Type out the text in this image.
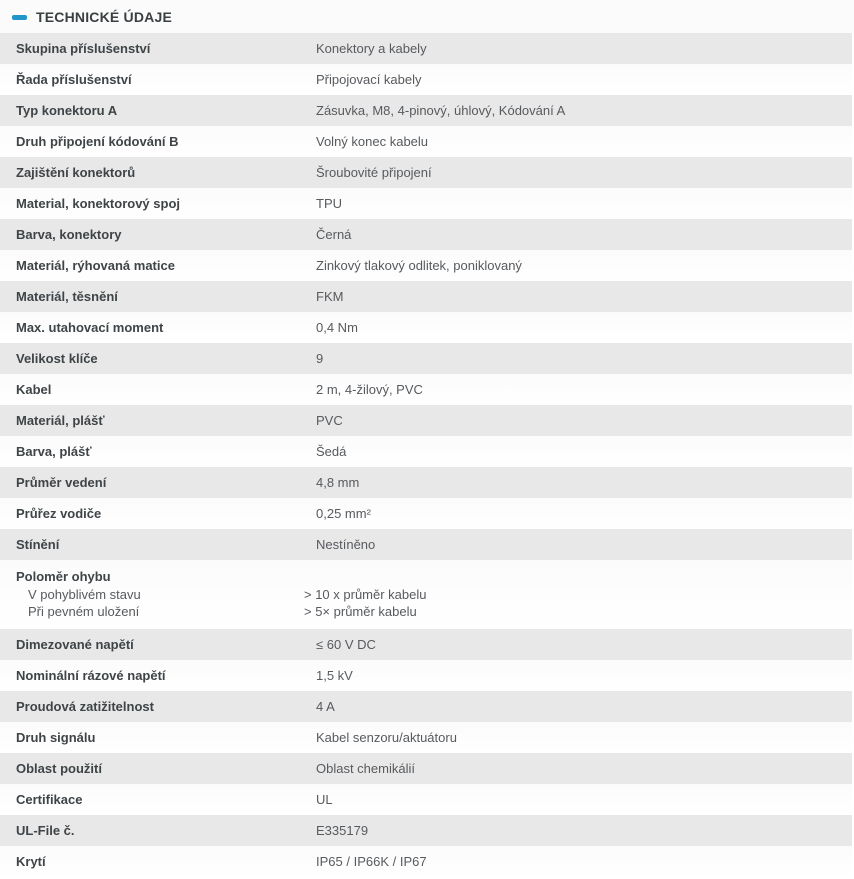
TECHNICKÉ ÚDAJE
Skupina příslušenství	Konektory a kabely
Řada příslušenství	Připojovací kabely
Typ konektoru A	Zásuvka, M8, 4-pinový, úhlový, Kódování A
Druh připojení kódování B	Volný konec kabelu
Zajištění konektorů	Šroubovité připojení
Material, konektorový spoj	TPU
Barva, konektory	Černá
Materiál, rýhovaná matice	Zinkový tlakový odlitek, poniklovaný
Materiál, těsnění	FKM
Max. utahovací moment	0,4 Nm
Velikost klíče	9
Kabel	2 m, 4-žilový, PVC
Materiál, plášť	PVC
Barva, plášť	Šedá
Průměr vedení	4,8 mm
Průřez vodiče	0,25 mm²
Stínění	Nestíněno
Poloměr ohybu
V pohyblivém stavu	> 10 x průměr kabelu
Při pevném uložení	> 5× průměr kabelu
Dimezované napětí	≤ 60 V DC
Nominální rázové napětí	1,5 kV
Proudová zatižitelnost	4 A
Druh signálu	Kabel senzoru/aktuátoru
Oblast použití	Oblast chemikálií
Certifikace	UL
UL-File č.	E335179
Krytí	IP65 / IP66K / IP67
